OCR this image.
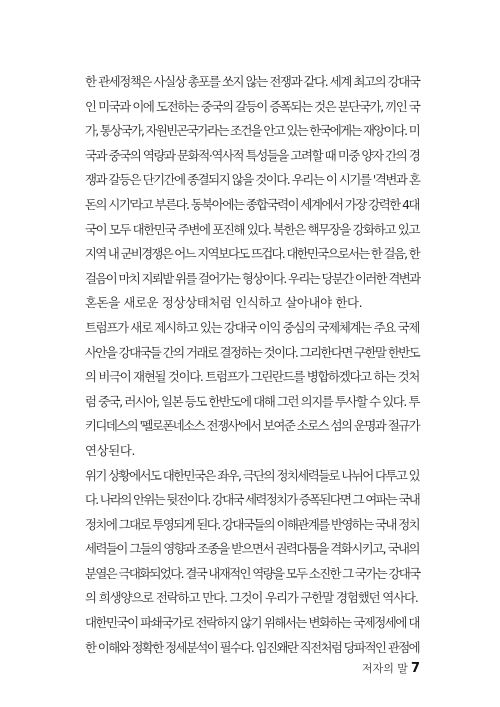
한 관세정책은 사실상 총포를 쏘지 않는 전쟁과 같다. 세계 최고의 강대국
인 미국과 이에 도전하는 중국의 갈등이 증폭되는 것은 분단국가, 끼인 국
가, 통상국가, 자원빈곤국가라는 조건을 안고 있는 한국에게는 재앙이다. 미
국과 중국의 역량과 문화적·역사적 특성들을 고려할 때 미중 양자 간의 경
쟁과 갈등은 단기간에 종결되지 않을 것이다. 우리는 이 시기를 '격변과 혼
돈의 시기'라고 부른다. 동북아에는 종합국력이 세계에서 가장 강력한 4대
국이 모두 대한민국 주변에 포진해 있다. 북한은 핵무장을 강화하고 있고
지역 내 군비경쟁은 어느 지역보다도 뜨겁다. 대한민국으로서는 한 걸음, 한
걸음이 마치 지뢰밭 위를 걸어가는 형상이다. 우리는 당분간 이러한 격변과
혼돈을 새로운 정상상태처럼 인식하고 살아내야 한다.
트럼프가 새로 제시하고 있는 강대국 이익 중심의 국제체계는 주요 국제
사안을 강대국들 간의 거래로 결정하는 것이다. 그리한다면 구한말 한반도
의 비극이 재현될 것이다. 트럼프가 그린란드를 병합하겠다고 하는 것처
럼 중국, 러시아, 일본 등도 한반도에 대해 그런 의지를 투사할 수 있다. 투
키디데스의 '펠로폰네소스 전쟁사'에서 보여준 소로스 섬의 운명과 절규가
연상된다.
위기 상황에서도 대한민국은 좌우, 극단의 정치세력들로 나뉘어 다투고 있
다. 나라의 안위는 뒷전이다. 강대국 세력정치가 증폭된다면 그 여파는 국내
정치에 그대로 투영되게 된다. 강대국들의 이해관계를 반영하는 국내 정치
세력들이 그들의 영향과 조종을 받으면서 권력다툼을 격화시키고, 국내의
분열은 극대화되었다. 결국 내재적인 역량을 모두 소진한 그 국가는 강대국
의 희생양으로 전락하고 만다. 그것이 우리가 구한말 경험했던 역사다.
대한민국이 파쇄국가로 전락하지 않기 위해서는 변화하는 국제정세에 대
한 이해와 정확한 정세분석이 필수다. 임진왜란 직전처럼 당파적인 관점에
저자의 말 7
